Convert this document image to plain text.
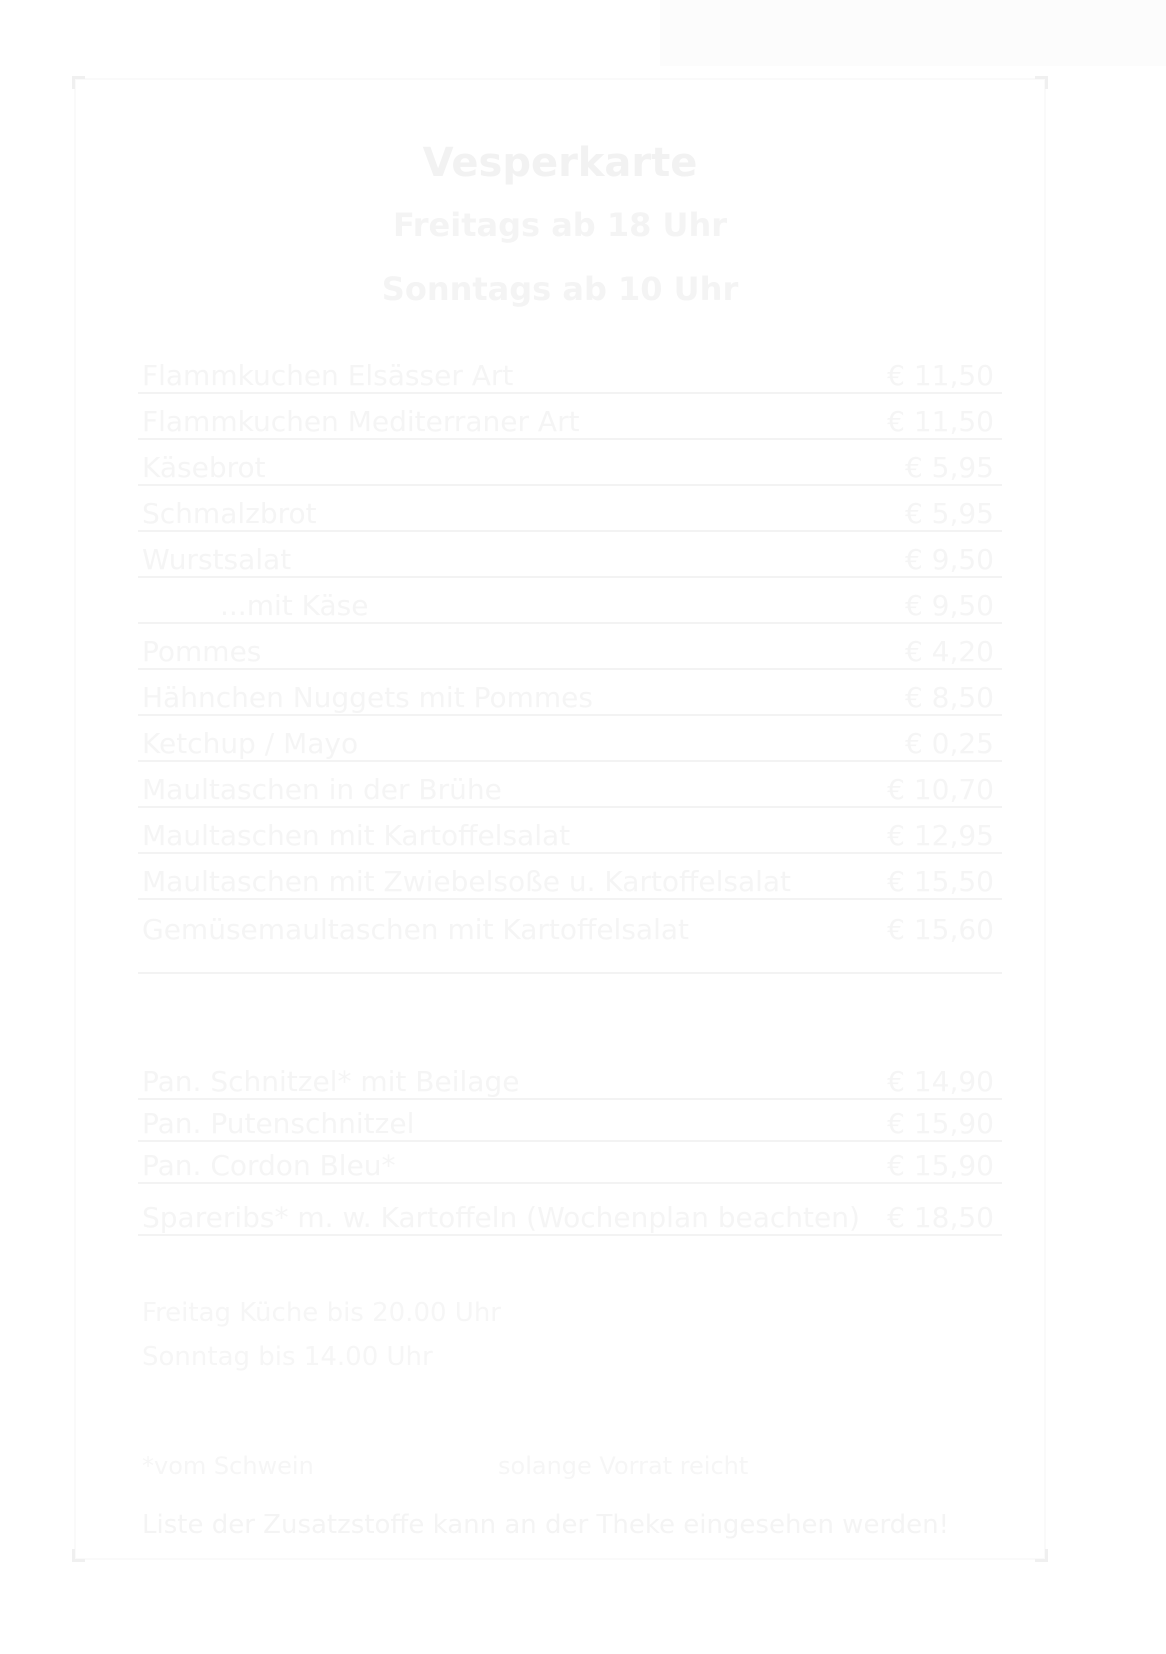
Vesperkarte
Freitags ab 18 Uhr
Sonntags ab 10 Uhr
Flammkuchen Elsässer Art	€ 11,50
Flammkuchen Mediterraner Art	€ 11,50
Käsebrot	€ 5,95
Schmalzbrot	€ 5,95
Wurstsalat	€ 9,50
...mit Käse	€ 9,50
Pommes	€ 4,20
Hähnchen Nuggets mit Pommes	€ 8,50
Ketchup / Mayo	€ 0,25
Maultaschen in der Brühe	€ 10,70
Maultaschen mit Kartoffelsalat	€ 12,95
Maultaschen mit Zwiebelsoße u. Kartoffelsalat	€ 15,50
Gemüsemaultaschen mit Kartoffelsalat	€ 15,60
Pan. Schnitzel* mit Beilage	€ 14,90
Pan. Putenschnitzel	€ 15,90
Pan. Cordon Bleu*	€ 15,90
Spareribs* m. w. Kartoffeln (Wochenplan beachten) € 18,50
Freitag Küche bis 20.00 Uhr
Sonntag bis 14.00 Uhr
*vom Schwein	solange Vorrat reicht
Liste der Zusatzstoffe kann an der Theke eingesehen werden!
